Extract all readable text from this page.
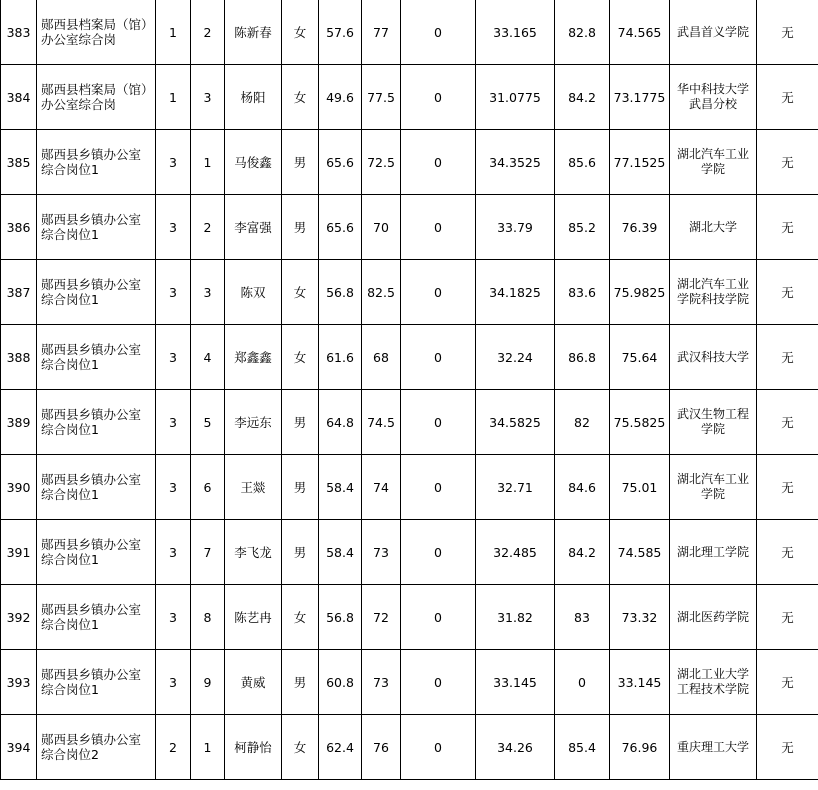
383	郧西县档案局（馆）办公室综合岗	1	2	陈新春	女	57.6	77	0	33.165	82.8	74.565	武昌首义学院	无
384	郧西县档案局（馆）办公室综合岗	1	3	杨阳	女	49.6	77.5	0	31.0775	84.2	73.1775	华中科技大学武昌分校	无
385	郧西县乡镇办公室综合岗位1	3	1	马俊鑫	男	65.6	72.5	0	34.3525	85.6	77.1525	湖北汽车工业学院	无
386	郧西县乡镇办公室综合岗位1	3	2	李富强	男	65.6	70	0	33.79	85.2	76.39	湖北大学	无
387	郧西县乡镇办公室综合岗位1	3	3	陈双	女	56.8	82.5	0	34.1825	83.6	75.9825	湖北汽车工业学院科技学院	无
388	郧西县乡镇办公室综合岗位1	3	4	郑鑫鑫	女	61.6	68	0	32.24	86.8	75.64	武汉科技大学	无
389	郧西县乡镇办公室综合岗位1	3	5	李远东	男	64.8	74.5	0	34.5825	82	75.5825	武汉生物工程学院	无
390	郧西县乡镇办公室综合岗位1	3	6	王燚	男	58.4	74	0	32.71	84.6	75.01	湖北汽车工业学院	无
391	郧西县乡镇办公室综合岗位1	3	7	李飞龙	男	58.4	73	0	32.485	84.2	74.585	湖北理工学院	无
392	郧西县乡镇办公室综合岗位1	3	8	陈艺冉	女	56.8	72	0	31.82	83	73.32	湖北医药学院	无
393	郧西县乡镇办公室综合岗位1	3	9	黄威	男	60.8	73	0	33.145	0	33.145	湖北工业大学工程技术学院	无
394	郧西县乡镇办公室综合岗位2	2	1	柯静怡	女	62.4	76	0	34.26	85.4	76.96	重庆理工大学	无
